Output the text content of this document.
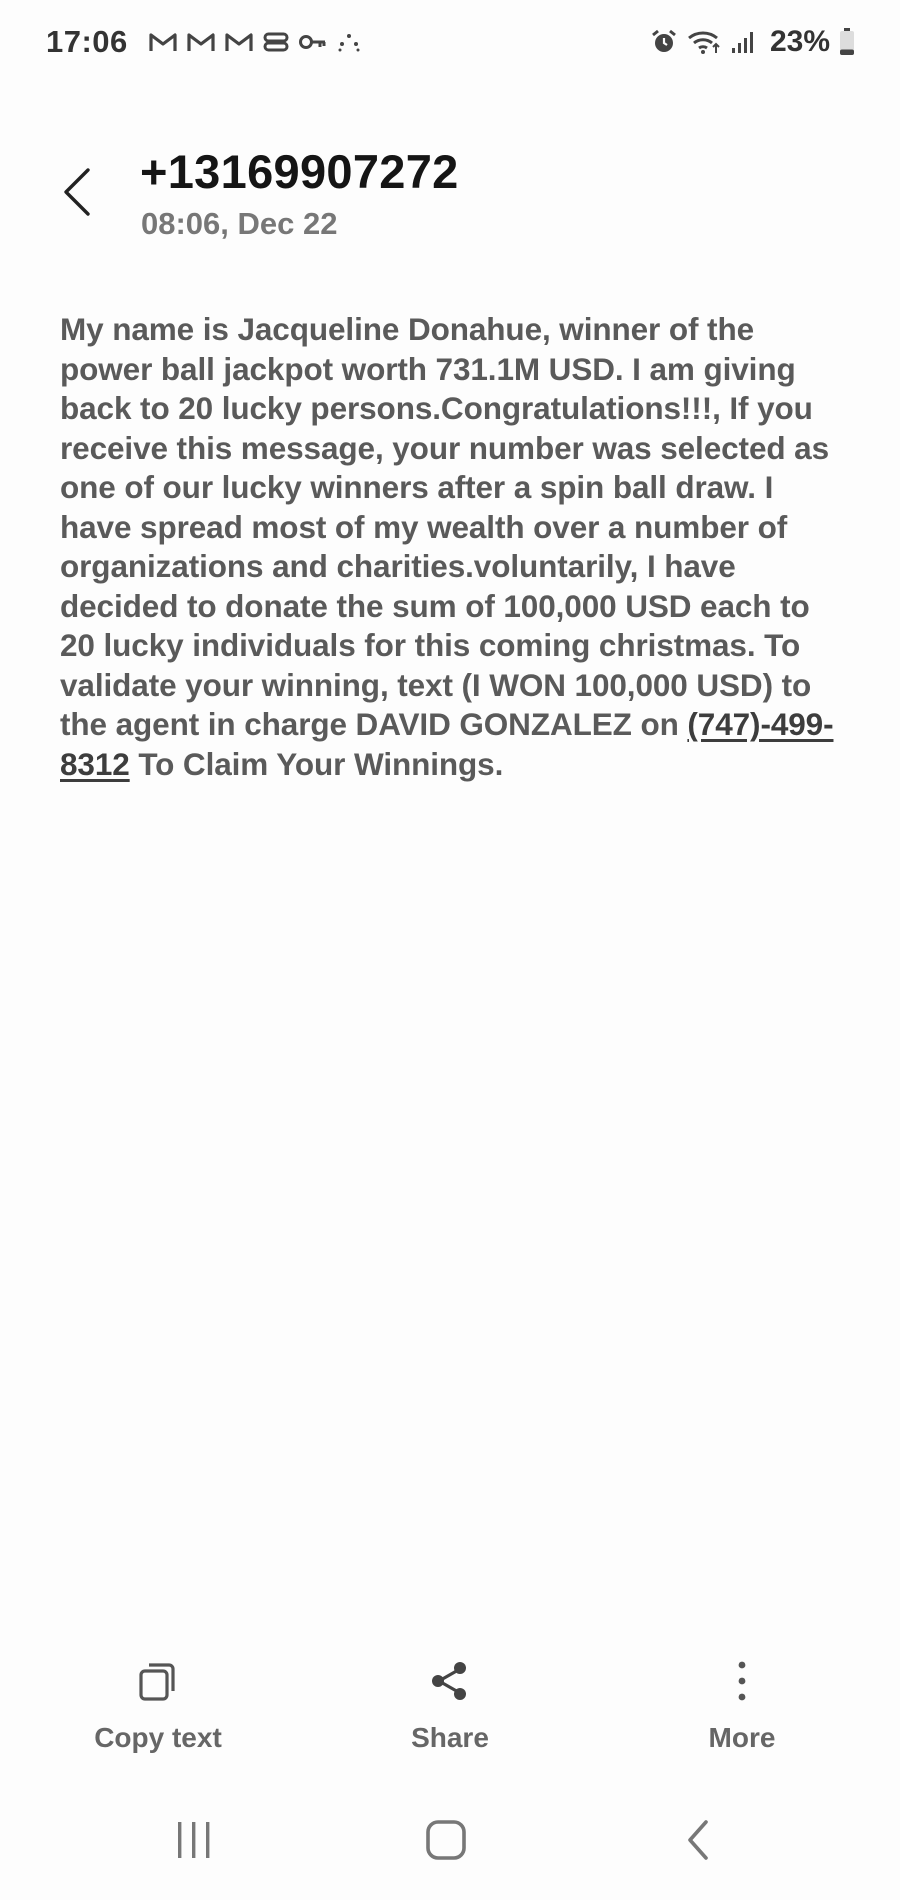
17:06	23%
+13169907272
08:06, Dec 22
My name is Jacqueline Donahue, winner of the power ball jackpot worth 731.1M USD. I am giving back to 20 lucky persons.Congratulations!!!, If you receive this message, your number was selected as one of our lucky winners after a spin ball draw. I have spread most of my wealth over a number of organizations and charities.voluntarily, I have decided to donate the sum of 100,000 USD each to 20 lucky individuals for this coming christmas. To validate your winning, text (I WON 100,000 USD) to the agent in charge DAVID GONZALEZ on (747)-499-8312 To Claim Your Winnings.
Copy text	Share	More
